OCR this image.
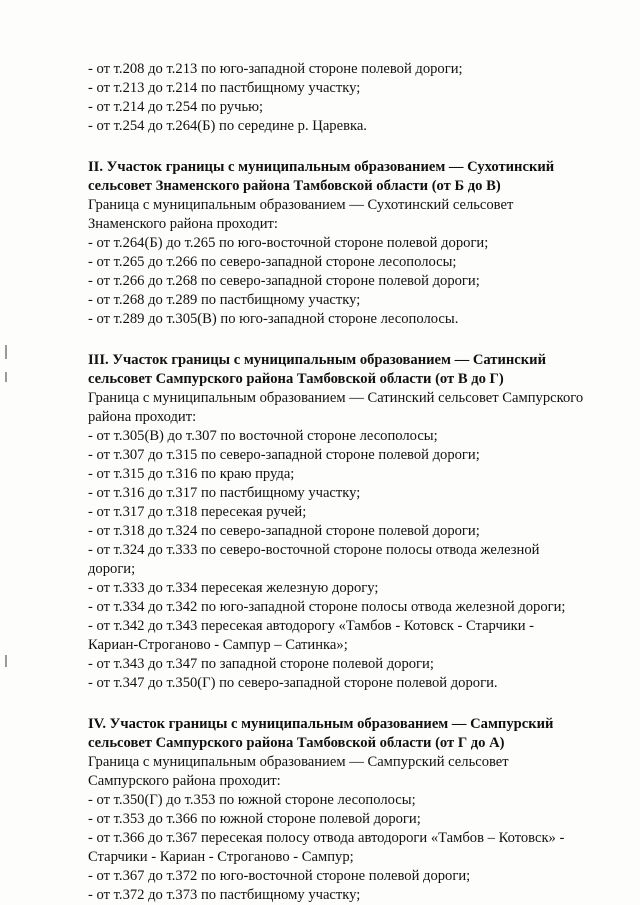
- от т.208 до т.213 по юго-западной стороне полевой дороги;
- от т.213 до т.214 по пастбищному участку;
- от т.214 до т.254 по ручью;
- от т.254 до т.264(Б) по середине р. Царевка.
II. Участок границы с муниципальным образованием — Сухотинский
сельсовет Знаменского района Тамбовской области (от Б до В)
Граница с муниципальным образованием — Сухотинский сельсовет
Знаменского района проходит:
- от т.264(Б) до т.265 по юго-восточной стороне полевой дороги;
- от т.265 до т.266 по северо-западной стороне лесополосы;
- от т.266 до т.268 по северо-западной стороне полевой дороги;
- от т.268 до т.289 по пастбищному участку;
- от т.289 до т.305(В) по юго-западной стороне лесополосы.
III. Участок границы с муниципальным образованием — Сатинский
сельсовет Сампурского района Тамбовской области (от В до Г)
Граница с муниципальным образованием — Сатинский сельсовет Сампурского
района проходит:
- от т.305(В) до т.307 по восточной стороне лесополосы;
- от т.307 до т.315 по северо-западной стороне полевой дороги;
- от т.315 до т.316 по краю пруда;
- от т.316 до т.317 по пастбищному участку;
- от т.317 до т.318 пересекая ручей;
- от т.318 до т.324 по северо-западной стороне полевой дороги;
- от т.324 до т.333 по северо-восточной стороне полосы отвода железной
дороги;
- от т.333 до т.334 пересекая железную дорогу;
- от т.334 до т.342 по юго-западной стороне полосы отвода железной дороги;
- от т.342 до т.343 пересекая автодорогу «Тамбов - Котовск - Старчики -
Кариан-Строганово - Сампур – Сатинка»;
- от т.343 до т.347 по западной стороне полевой дороги;
- от т.347 до т.350(Г) по северо-западной стороне полевой дороги.
IV. Участок границы с муниципальным образованием — Сампурский
сельсовет Сампурского района Тамбовской области (от Г до А)
Граница с муниципальным образованием — Сампурский сельсовет
Сампурского района проходит:
- от т.350(Г) до т.353 по южной стороне лесополосы;
- от т.353 до т.366 по южной стороне полевой дороги;
- от т.366 до т.367 пересекая полосу отвода автодороги «Тамбов – Котовск» -
Старчики - Кариан - Строганово - Сампур;
- от т.367 до т.372 по юго-восточной стороне полевой дороги;
- от т.372 до т.373 по пастбищному участку;
